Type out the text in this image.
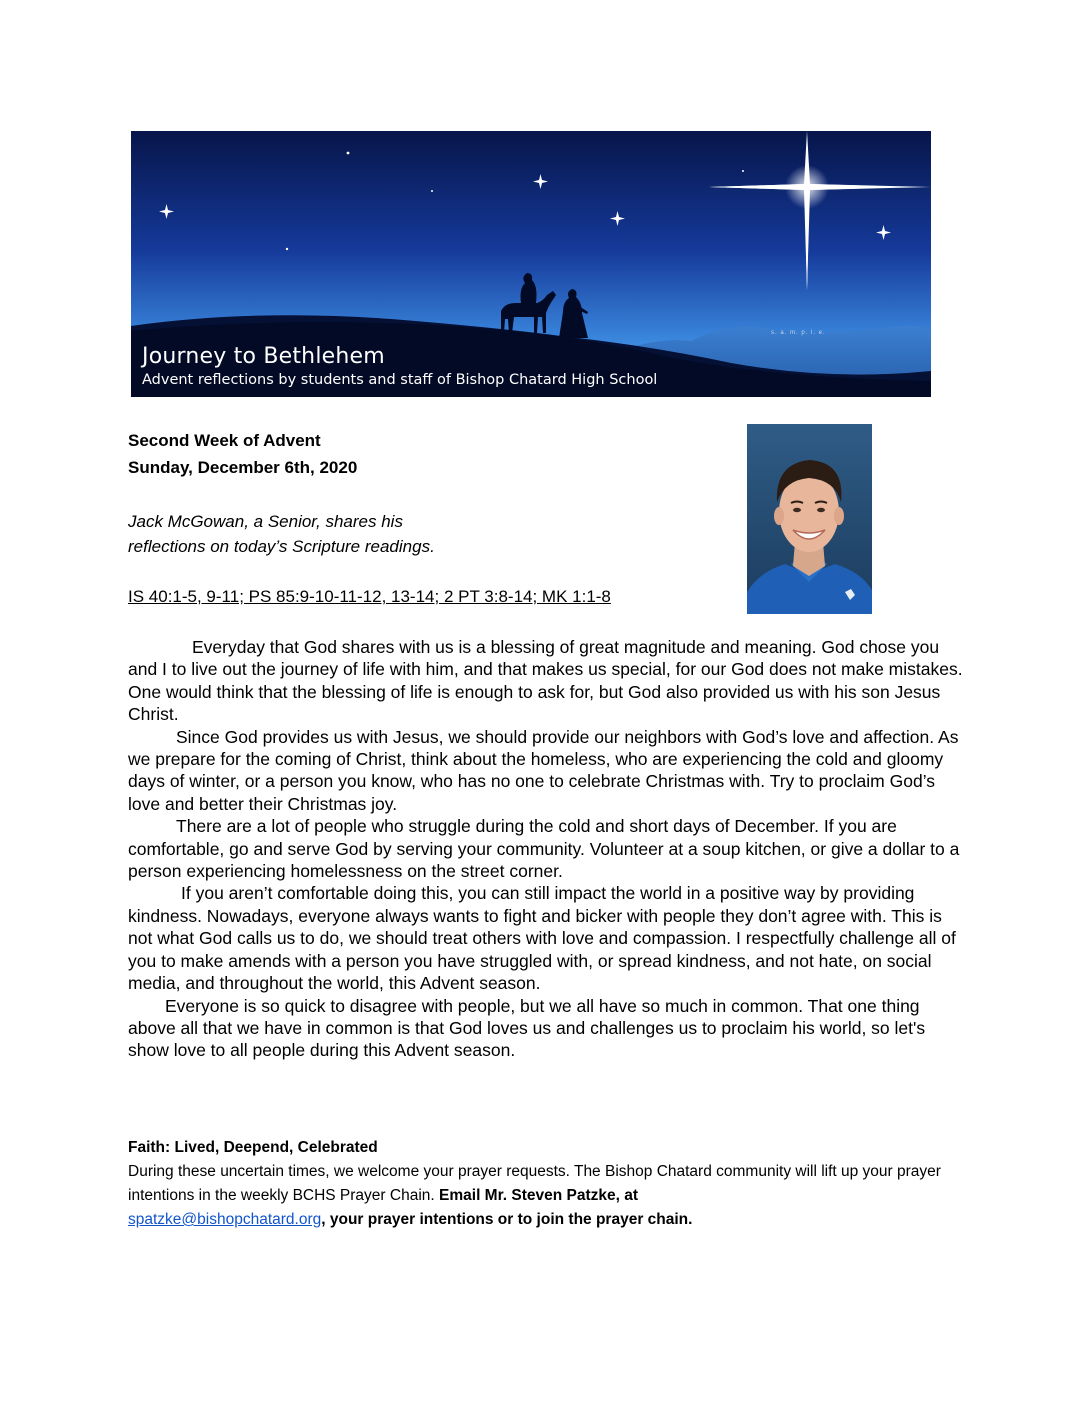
s. a. m. p. l. e.
Journey to Bethlehem
Advent reflections by students and staff of Bishop Chatard High School
Second Week of Advent
Sunday, December 6th, 2020
Jack McGowan, a Senior, shares his
reflections on today’s Scripture readings.
IS 40:1-5, 9-11; PS 85:9-10-11-12, 13-14; 2 PT 3:8-14; MK 1:1-8

Everyday that God shares with us is a blessing of great magnitude and meaning. God chose you and I to live out the journey of life with him, and that makes us special, for our God does not make mistakes. One would think that the blessing of life is enough to ask for, but God also provided us with his son Jesus Christ.

Since God provides us with Jesus, we should provide our neighbors with God’s love and affection. As we prepare for the coming of Christ, think about the homeless, who are experiencing the cold and gloomy days of winter, or a person you know, who has no one to celebrate Christmas with. Try to proclaim God’s love and better their Christmas joy.

There are a lot of people who struggle during the cold and short days of December. If you are comfortable, go and serve God by serving your community. Volunteer at a soup kitchen, or give a dollar to a person experiencing homelessness on the street corner.

If you aren’t comfortable doing this, you can still impact the world in a positive way by providing kindness. Nowadays, everyone always wants to fight and bicker with people they don’t agree with. This is not what God calls us to do, we should treat others with love and compassion. I respectfully challenge all of you to make amends with a person you have struggled with, or spread kindness, and not hate, on social media, and throughout the world, this Advent season.

Everyone is so quick to disagree with people, but we all have so much in common. That one thing above all that we have in common is that God loves us and challenges us to proclaim his world, so let's show love to all people during this Advent season.

Faith: Lived, Deepend, Celebrated

During these uncertain times, we welcome your prayer requests. The Bishop Chatard community will lift up your prayer intentions in the weekly BCHS Prayer Chain. Email Mr. Steven Patzke, at
spatzke@bishopchatard.org, your prayer intentions or to join the prayer chain.
